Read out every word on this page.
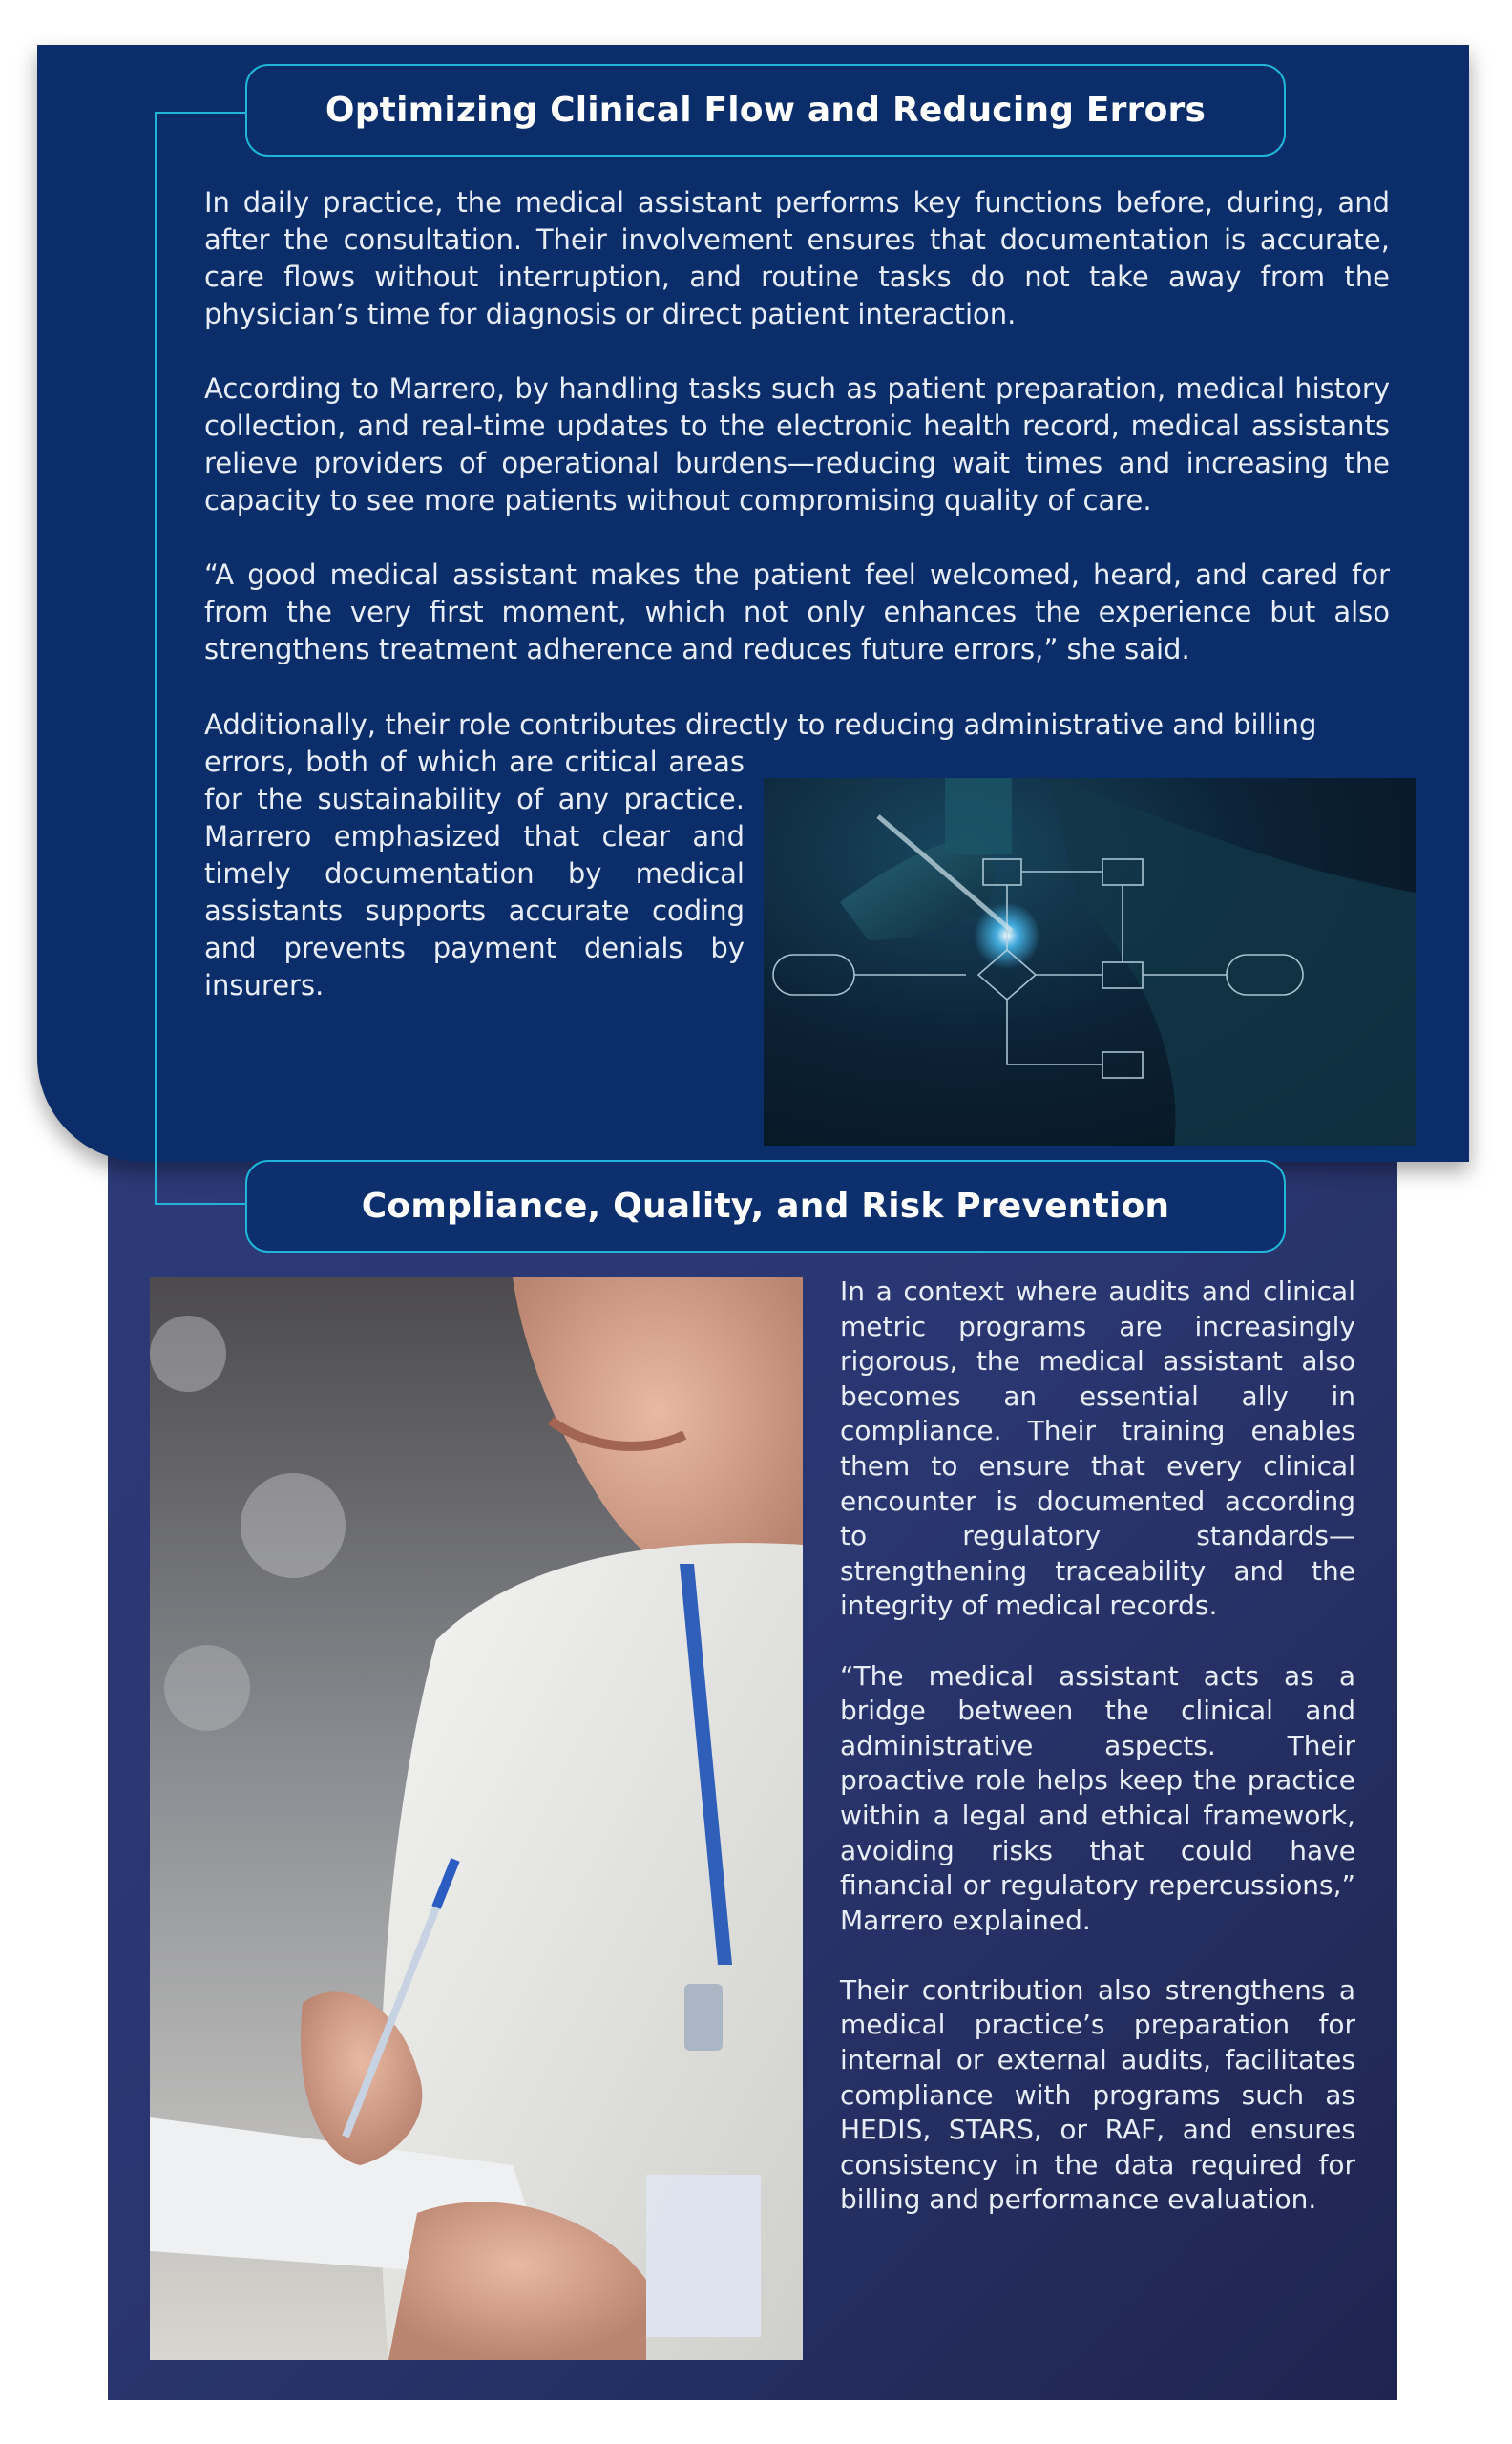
Optimizing Clinical Flow and Reducing Errors

In daily practice, the medical assistant performs key functions before, during, and after the consultation. Their involvement ensures that documentation is accurate, care flows without interruption, and routine tasks do not take away from the physician’s time for diagnosis or direct patient interaction.

According to Marrero, by handling tasks such as patient preparation, medical history collection, and real-time updates to the electronic health record, medical assistants relieve providers of operational burdens—reducing wait times and increasing the capacity to see more patients without compromising quality of care.

“A good medical assistant makes the patient feel welcomed, heard, and cared for from the very first moment, which not only enhances the experience but also strengthens treatment adherence and reduces future errors,” she said.

Additionally, their role contributes directly to reducing administrative and billing

errors, both of which are critical areas for the sustainability of any practice. Marrero emphasized that clear and timely documentation by medical assistants supports accurate coding and prevents payment denials by insurers.

Compliance, Quality, and Risk Prevention

In a context where audits and clinical metric programs are increasingly rigorous, the medical assistant also becomes an essential ally in compliance. Their training enables them to ensure that every clinical encounter is documented according to regulatory standards—strengthening traceability and the integrity of medical records.

“The medical assistant acts as a bridge between the clinical and administrative aspects. Their proactive role helps keep the practice within a legal and ethical framework, avoiding risks that could have financial or regulatory repercussions,” Marrero explained.

Their contribution also strengthens a medical practice’s preparation for internal or external audits, facilitates compliance with programs such as HEDIS, STARS, or RAF, and ensures consistency in the data required for billing and performance evaluation.
